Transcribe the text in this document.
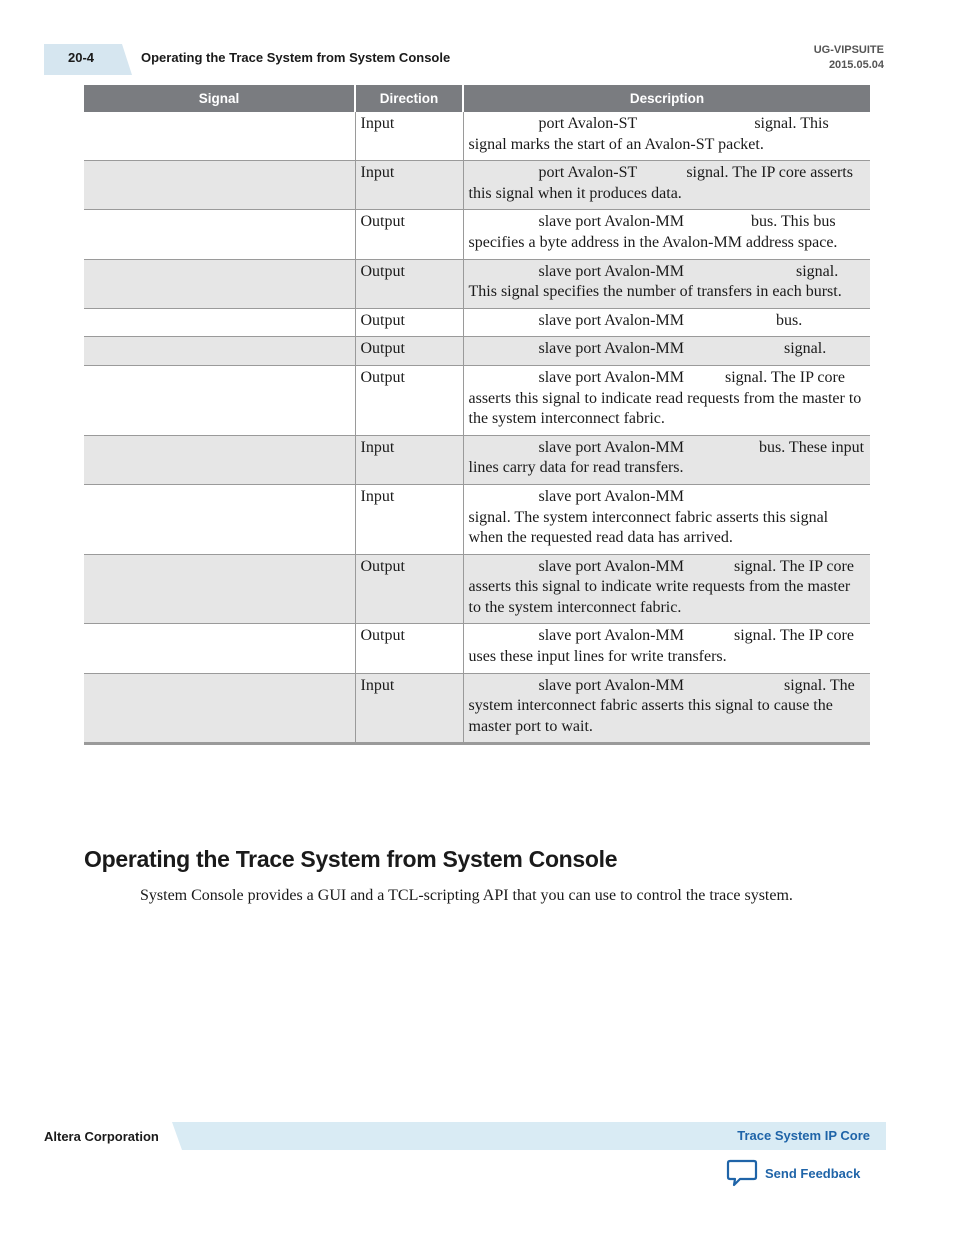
20-4	Operating the Trace System from System Console	UG-VIPSUITE
2015.05.04
Signal	Direction	Description
	Input	port Avalon-ST signal. This signal marks the start of an Avalon-ST packet.
	Input	port Avalon-ST signal. The IP core asserts this signal when it produces data.
	Output	slave port Avalon-MM bus. This bus specifies a byte address in the Avalon-MM address space.
	Output	slave port Avalon-MM signal. This signal specifies the number of transfers in each burst.
	Output	slave port Avalon-MM bus.
	Output	slave port Avalon-MM signal.
	Output	slave port Avalon-MM signal. The IP core asserts this signal to indicate read requests from the master to the system interconnect fabric.
	Input	slave port Avalon-MM bus. These input lines carry data for read transfers.
	Input	slave port Avalon-MM
signal. The system interconnect fabric asserts this signal when the requested read data has arrived.
	Output	slave port Avalon-MM signal. The IP core asserts this signal to indicate write requests from the master to the system interconnect fabric.
	Output	slave port Avalon-MM signal. The IP core uses these input lines for write transfers.
	Input	slave port Avalon-MM signal. The system interconnect fabric asserts this signal to cause the master port to wait.
Operating the Trace System from System Console

System Console provides a GUI and a TCL-scripting API that you can use to control the trace system.

Altera Corporation	Trace System IP Core
Send Feedback
